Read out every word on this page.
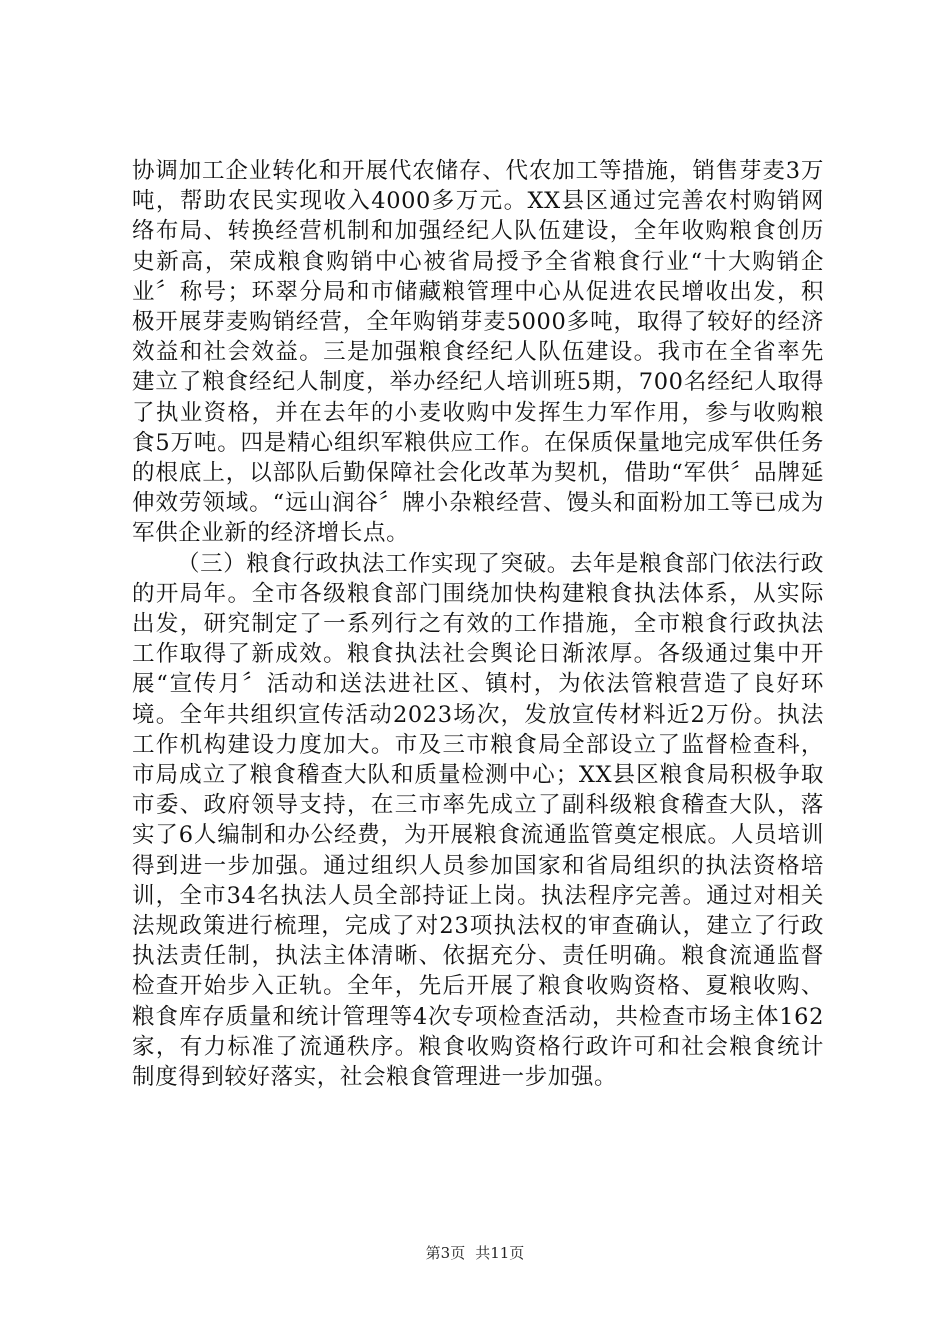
协调加工企业转化和开展代农储存、代农加工等措施，销售芽麦3万吨，帮助农民实现收入4000多万元。XX县区通过完善农村购销网络布局、转换经营机制和加强经纪人队伍建设，全年收购粮食创历史新高，荣成粮食购销中心被省局授予全省粮食行业“十大购销企业〞称号；环翠分局和市储藏粮管理中心从促进农民增收出发，积极开展芽麦购销经营，全年购销芽麦5000多吨，取得了较好的经济效益和社会效益。三是加强粮食经纪人队伍建设。我市在全省率先建立了粮食经纪人制度，举办经纪人培训班5期，700名经纪人取得了执业资格，并在去年的小麦收购中发挥生力军作用，参与收购粮食5万吨。四是精心组织军粮供应工作。在保质保量地完成军供任务的根底上，以部队后勤保障社会化改革为契机，借助“军供〞品牌延伸效劳领域。“远山润谷〞牌小杂粮经营、馒头和面粉加工等已成为军供企业新的经济增长点。

（三）粮食行政执法工作实现了突破。去年是粮食部门依法行政的开局年。全市各级粮食部门围绕加快构建粮食执法体系，从实际出发，研究制定了一系列行之有效的工作措施，全市粮食行政执法工作取得了新成效。粮食执法社会舆论日渐浓厚。各级通过集中开展“宣传月〞活动和送法进社区、镇村，为依法管粮营造了良好环境。全年共组织宣传活动2023场次，发放宣传材料近2万份。执法工作机构建设力度加大。市及三市粮食局全部设立了监督检查科，市局成立了粮食稽查大队和质量检测中心；XX县区粮食局积极争取市委、政府领导支持，在三市率先成立了副科级粮食稽查大队，落实了6人编制和办公经费，为开展粮食流通监管奠定根底。人员培训得到进一步加强。通过组织人员参加国家和省局组织的执法资格培训，全市34名执法人员全部持证上岗。执法程序完善。通过对相关法规政策进行梳理，完成了对23项执法权的审查确认，建立了行政执法责任制，执法主体清晰、依据充分、责任明确。粮食流通监督检查开始步入正轨。全年，先后开展了粮食收购资格、夏粮收购、粮食库存质量和统计管理等4次专项检查活动，共检查市场主体162家，有力标准了流通秩序。粮食收购资格行政许可和社会粮食统计制度得到较好落实，社会粮食管理进一步加强。

第3页 共11页
